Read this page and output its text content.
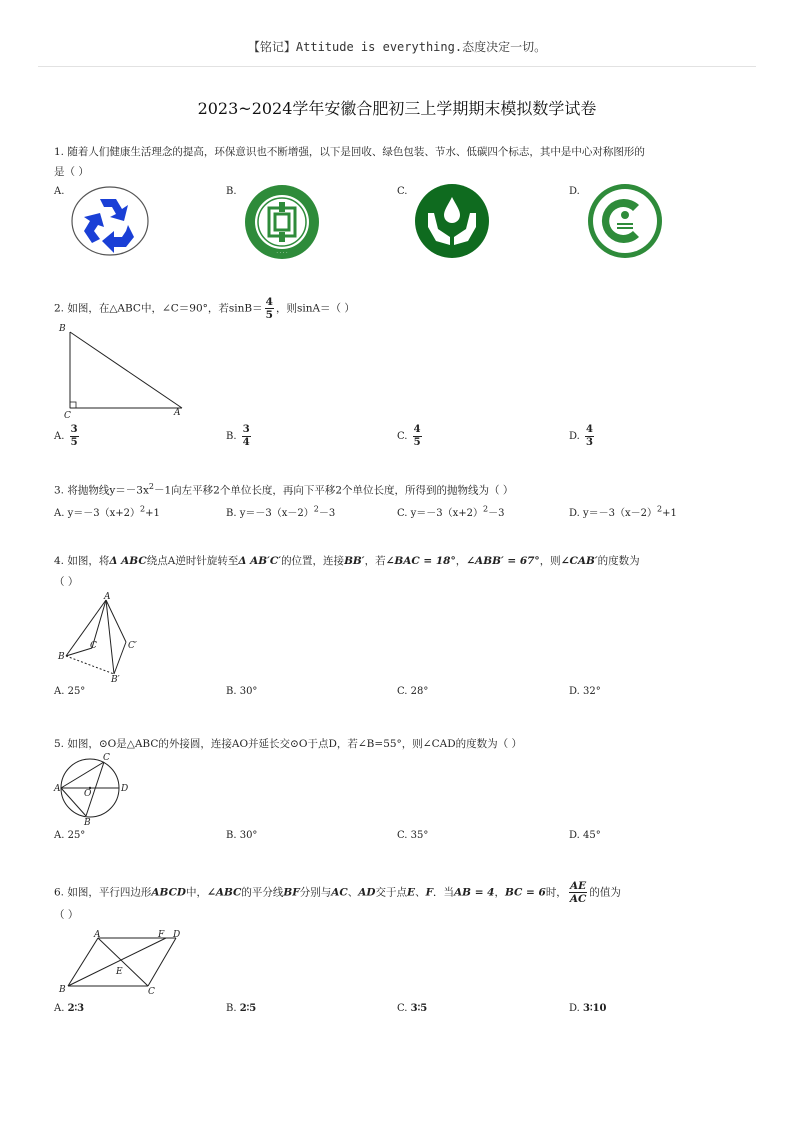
【铭记】Attitude is everything.态度决定一切。
2023~2024学年安徽合肥初三上学期期末模拟数学试卷
1. 随着人们健康生活理念的提高，环保意识也不断增强，以下是回收、绿色包装、节水、低碳四个标志，其中是中心对称图形的
是（ ）
A.	B.	C.	D.
· · · ·
2. 如图，在△ABC中，∠C＝90°，若$\sin B= \frac{4}{5}$ ，则sinA＝（ ）
B
C	A
A. $\frac{3}{5}$	B. $\frac{3}{4}$	C. $\frac{4}{5}$	D. $\frac{4}{3}$
3. 将抛物线$y=-3x^2-1$向左平移2个单位长度，再向下平移2个单位长度，所得到的抛物线为（ ）
A. $y=-3(x+2)^2+1$	B. $y=-3(x-2)^2-3$	C. $y=-3(x+2)^2-3$	D. $y=-3(x-2)^2+1$
4. 如图，将Δ ABC绕点A逆时针旋转至Δ AB′C′的位置，连接BB′，若∠BAC = 18°，∠ABB′ = 67°，则∠CAB′的度数为
（ ）
A
B
C	C′
B′
A. 25°	B. 30°	C. 28°	D. 32°
5. 如图，⊙O是△ABC的外接圆，连接AO并延长交⊙O于点D，若∠B=55°，则∠CAD的度数为（ ）
C
A	O	D
B
A. 25°	B. 30°	C. 35°	D. 45°
6. 如图，平行四边形ABCD中，∠ABC的平分线BF分别与AC、AD交于点E、F．当AB = 4，BC = 6时， $\frac{AE}{AC}$ 的值为
（ ）
A	F D
E
B	C
A. 2∶3	B. 2∶5	C. 3∶5	D. 3∶10
